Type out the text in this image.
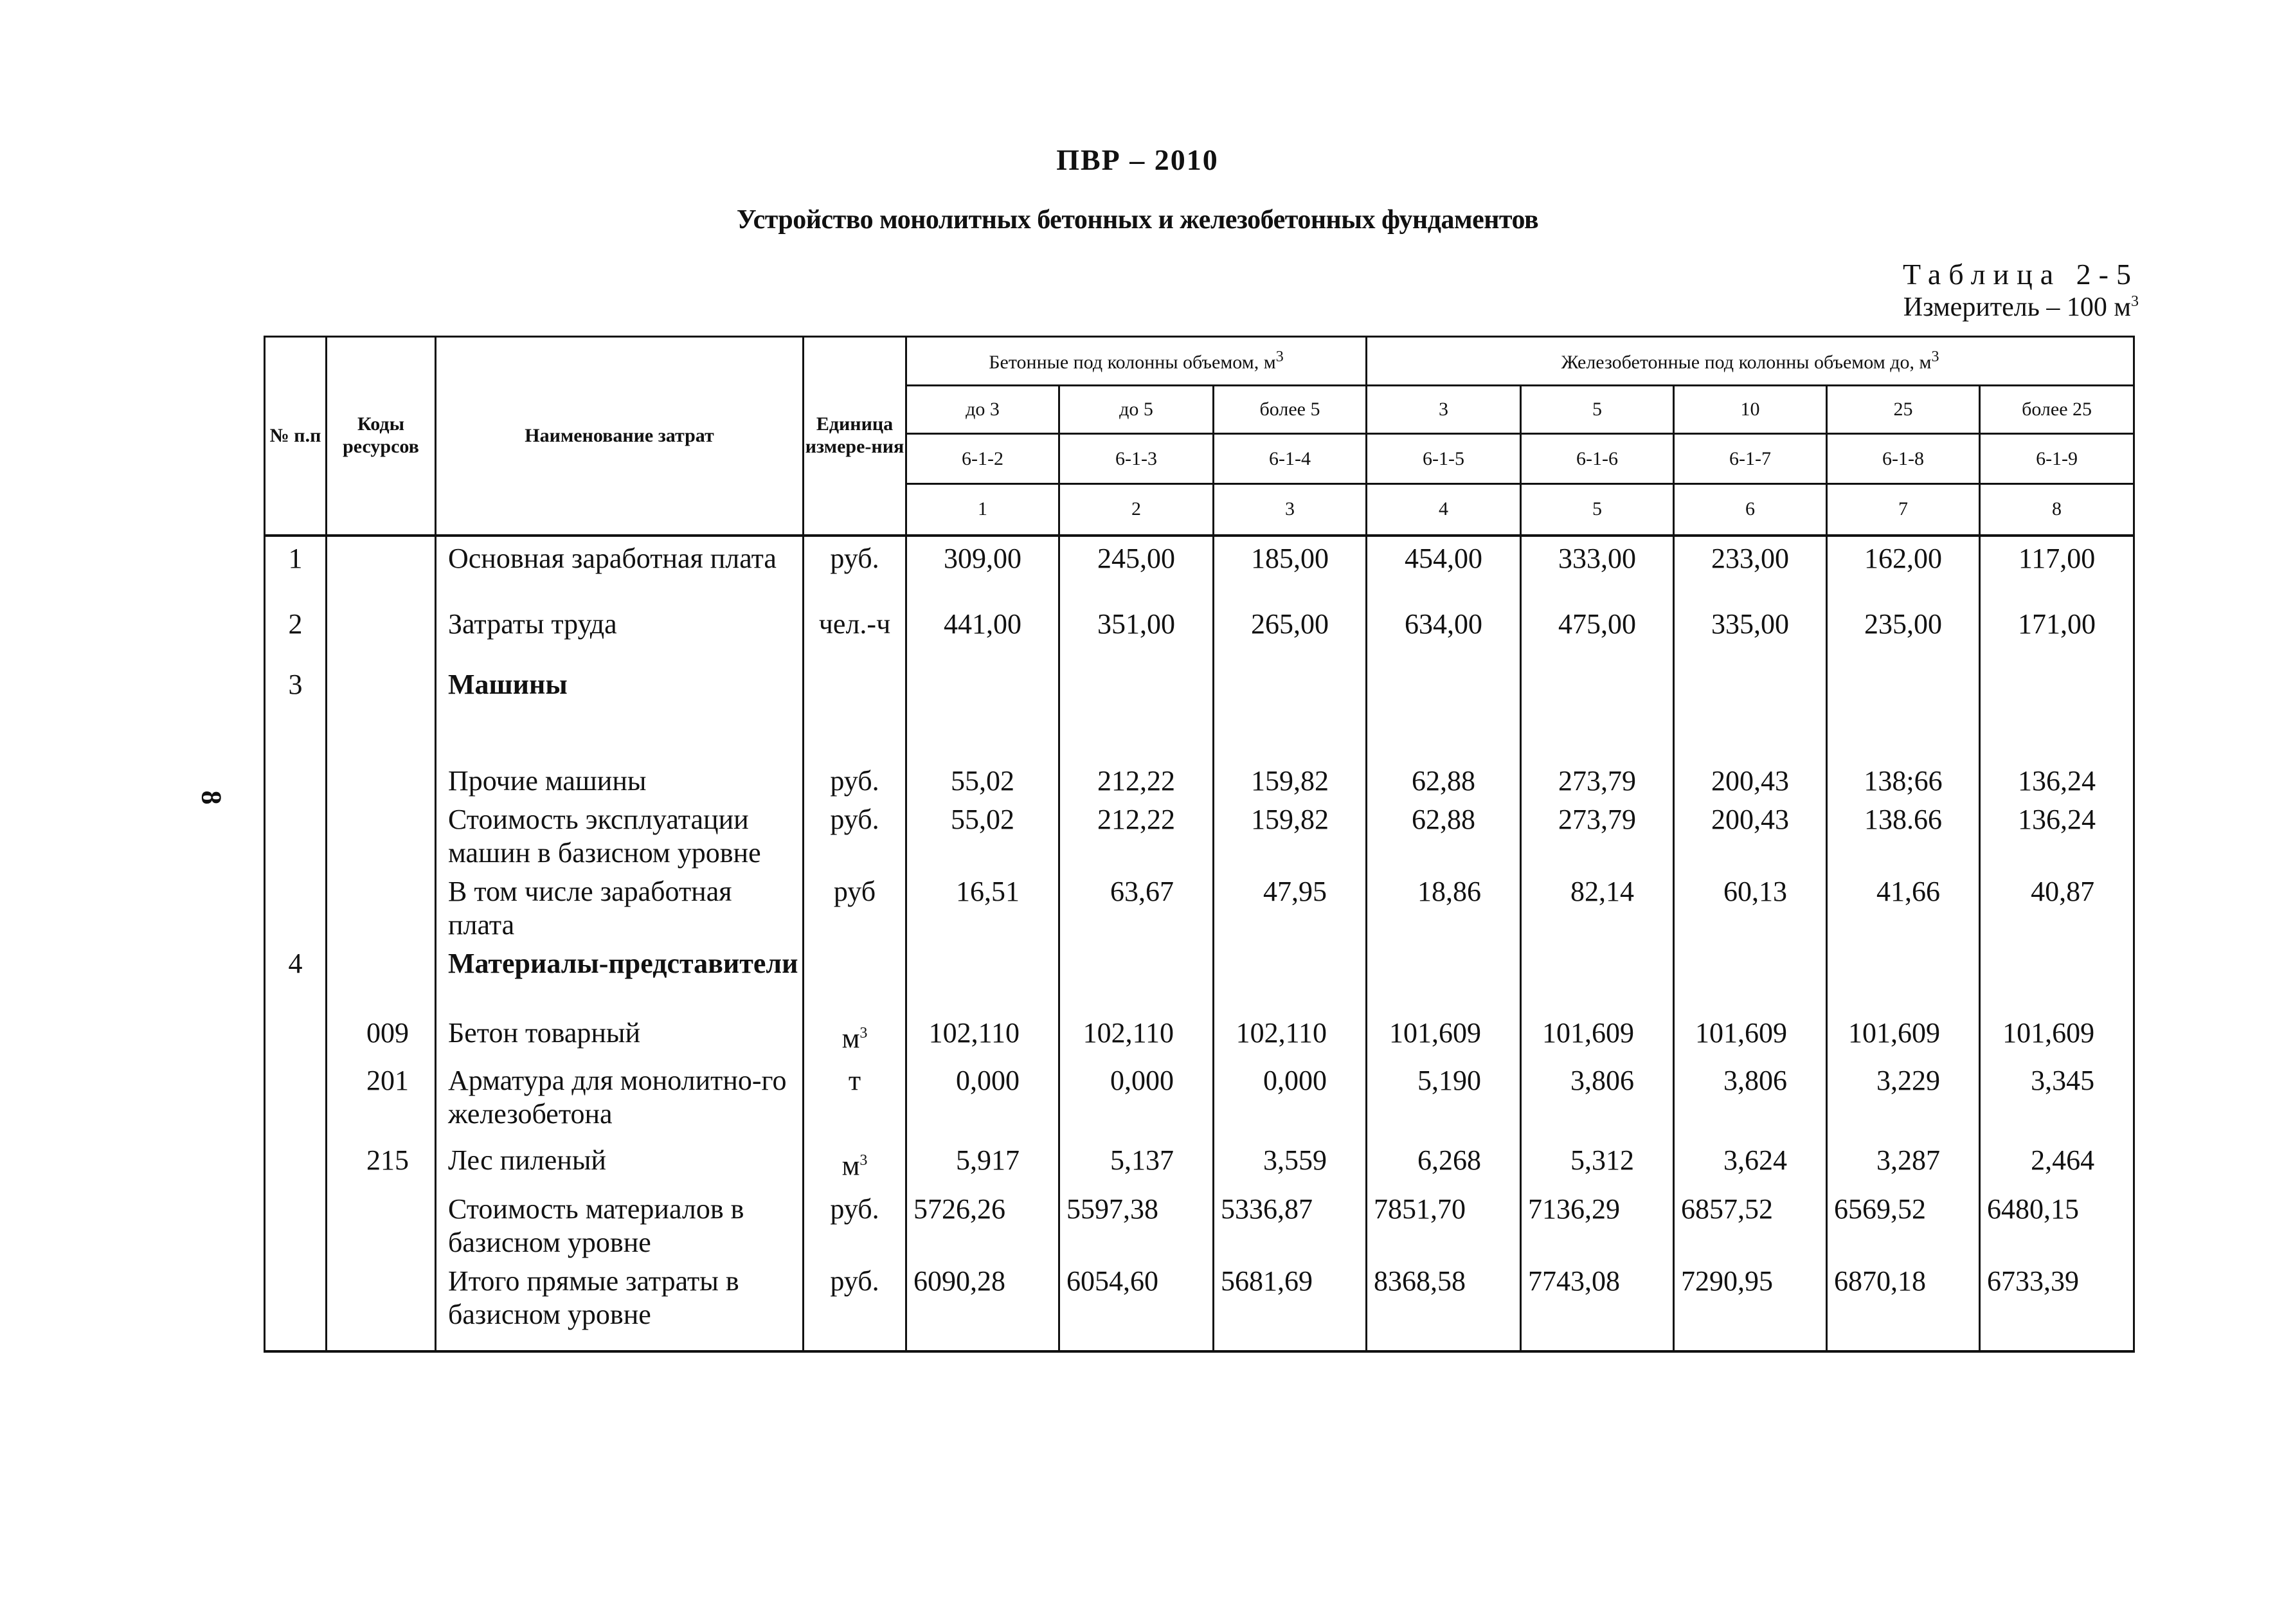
ПВР – 2010
Устройство монолитных бетонных и железобетонных фундаментов
Таблица 2-5
Измеритель – 100 $м^3$
8
№ п.п	Коды ресурсов	Наименование затрат	Единица измере-ния	Бетонные под колонны объемом, $м^3$			Железобетонные под колонны объемом до, $м^3$
				до 3	до 5	более 5	3	5	10	25	более 25
				6-1-2	6-1-3	6-1-4	6-1-5	6-1-6	6-1-7	6-1-8	6-1-9
				1	2	3	4	5	6	7	8
1		Основная заработная плата	руб.	309,00	245,00	185,00	454,00	333,00	233,00	162,00	117,00
2		Затраты труда	чел.-ч	441,00	351,00	265,00	634,00	475,00	335,00	235,00	171,00
3		Машины									
		Прочие машины	руб.	55,02	212,22	159,82	62,88	273,79	200,43	138;66	136,24
		Стоимость эксплуатации машин в базисном уровне	руб.	55,02	212,22	159,82	62,88	273,79	200,43	138.66	136,24
		В том числе заработная плата	руб	16,51	63,67	47,95	18,86	82,14	60,13	41,66	40,87
4		Материалы-представители									
	009	Бетон товарный	$м^3$	102,110	102,110	102,110	101,609	101,609	101,609	101,609	101,609
	201	Арматура для монолитно-го железобетона	т	0,000	0,000	0,000	5,190	3,806	3,806	3,229	3,345
	215	Лес пиленый	$м^3$	5,917	5,137	3,559	6,268	5,312	3,624	3,287	2,464
		Стоимость материалов в базисном уровне	руб.	5726,26	5597,38	5336,87	7851,70	7136,29	6857,52	6569,52	6480,15
		Итого прямые затраты в базисном уровне	руб.	6090,28	6054,60	5681,69	8368,58	7743,08	7290,95	6870,18	6733,39
